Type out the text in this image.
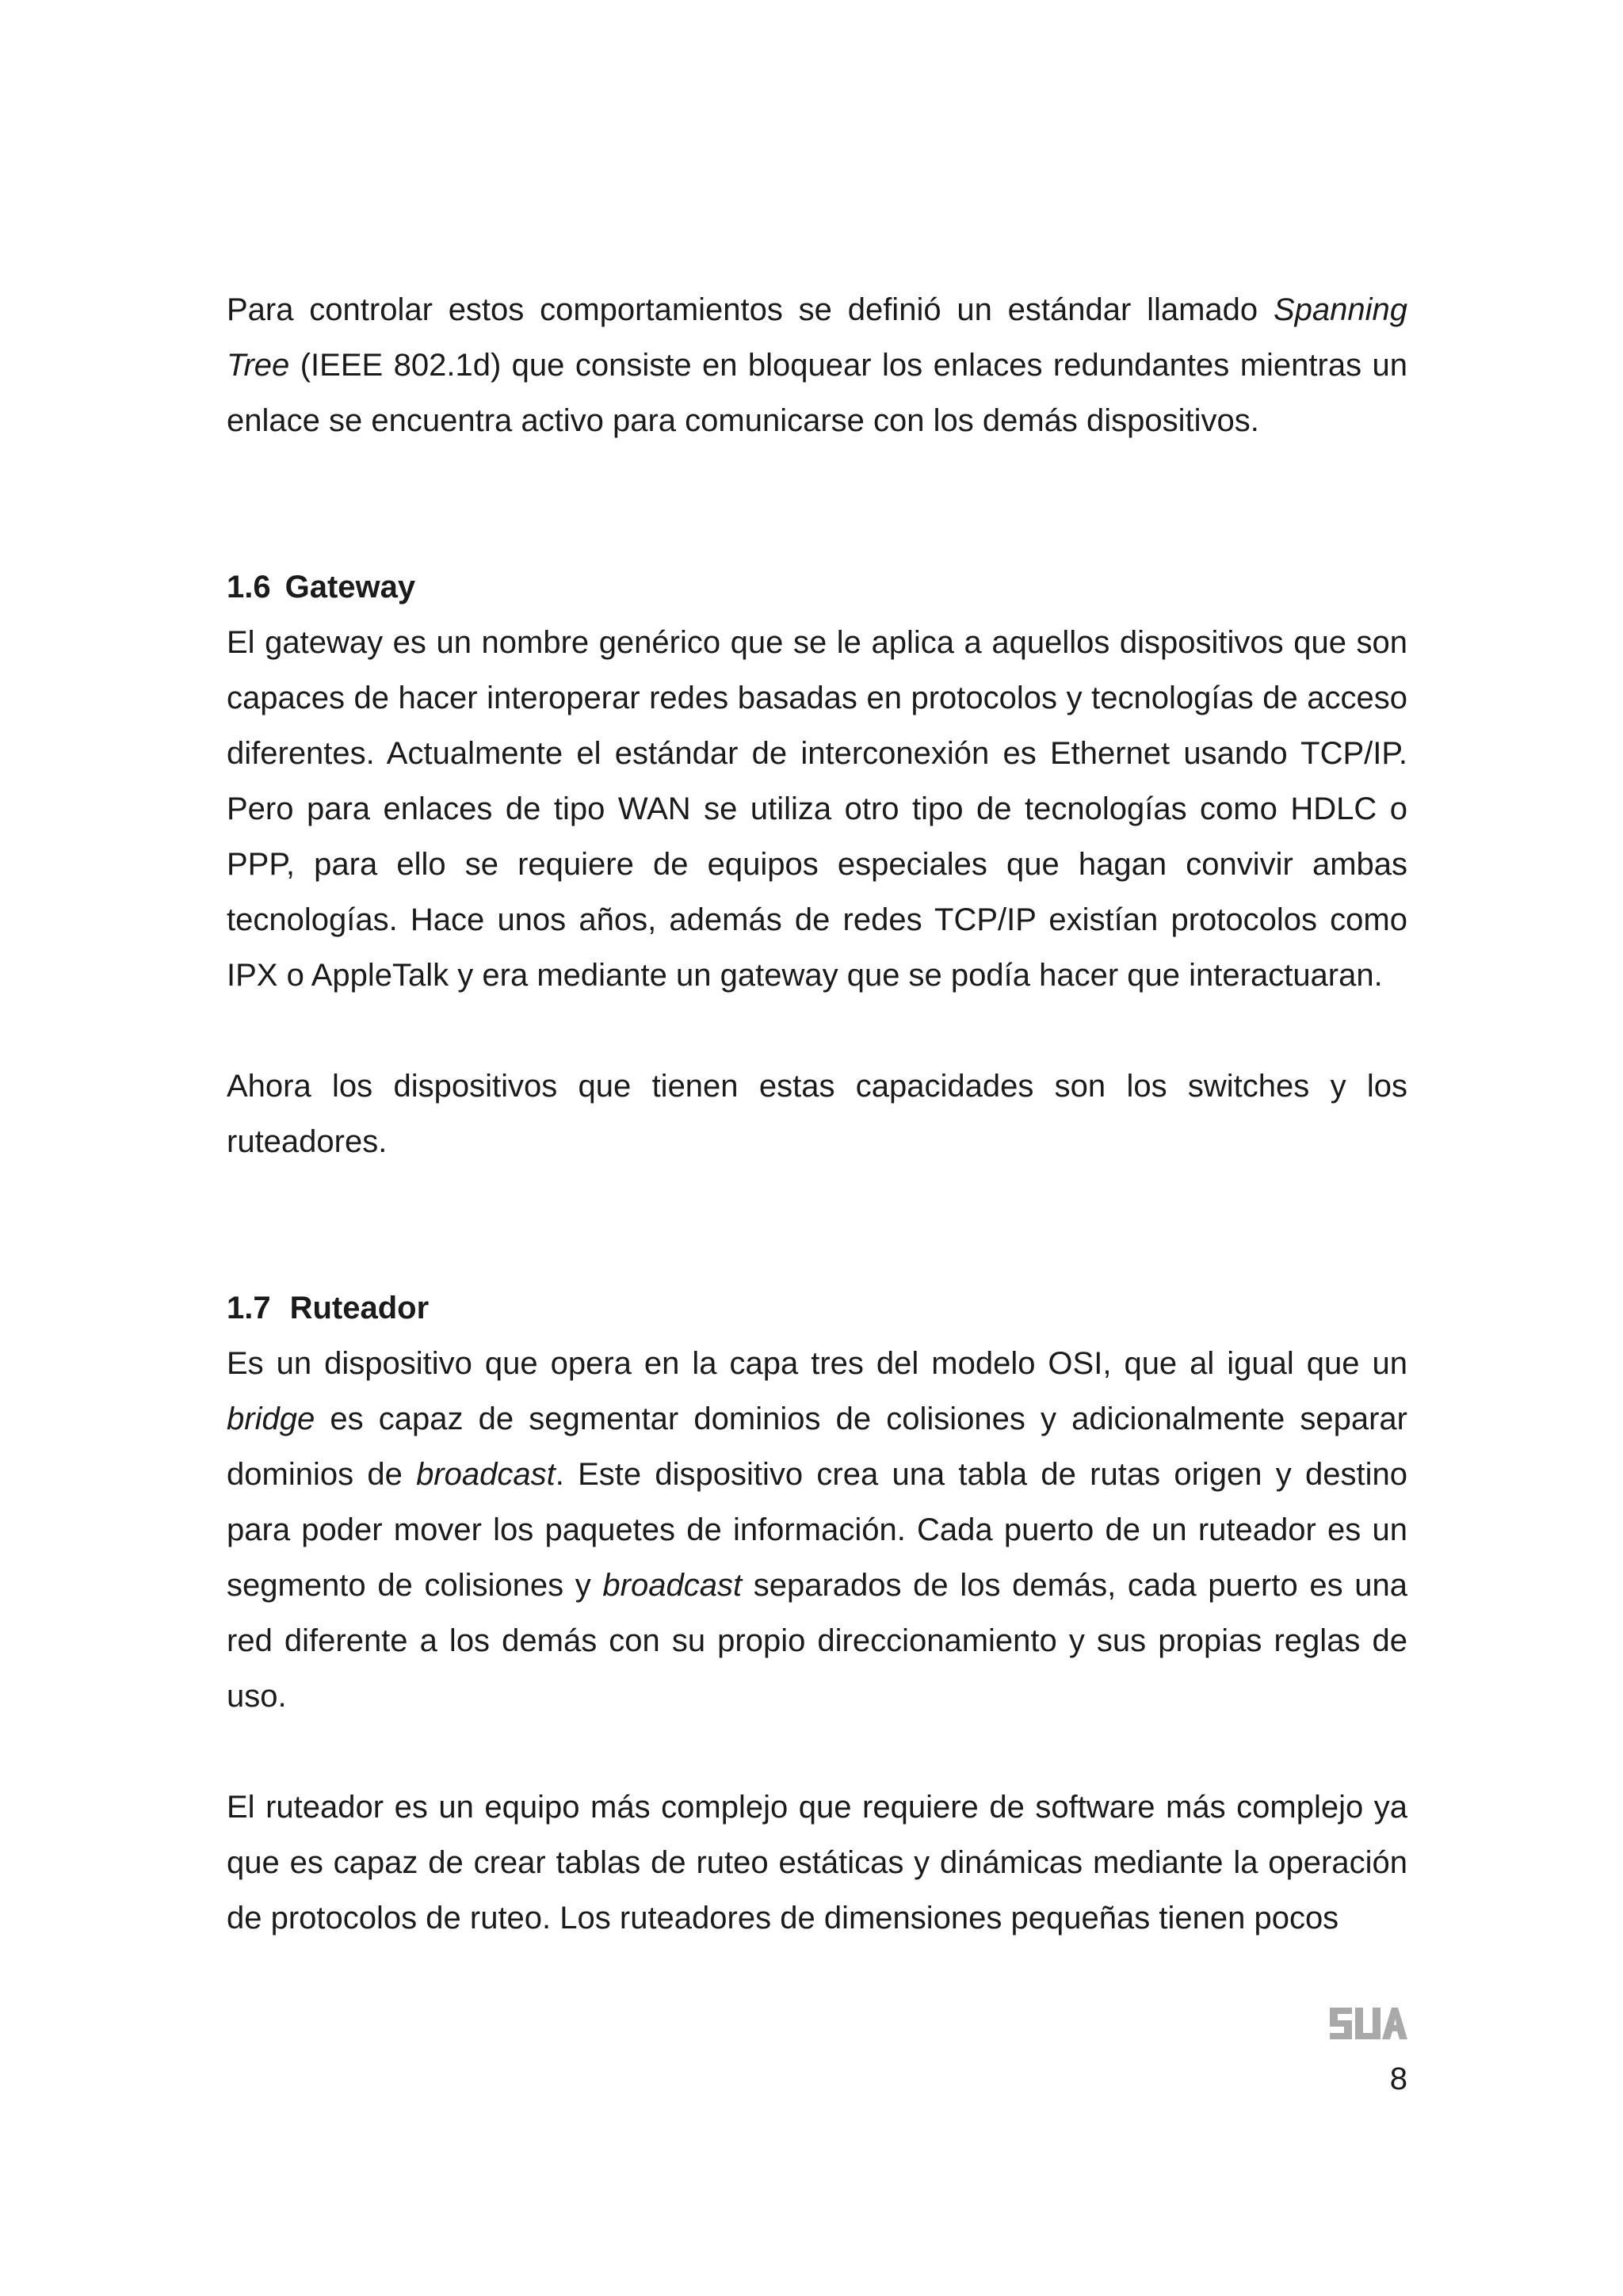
Para controlar estos comportamientos se definió un estándar llamado Spanning Tree (IEEE 802.1d) que consiste en bloquear los enlaces redundantes mientras un enlace se encuentra activo para comunicarse con los demás dispositivos.

1.6 Gateway

El gateway es un nombre genérico que se le aplica a aquellos dispositivos que son capaces de hacer interoperar redes basadas en protocolos y tecnologías de acceso diferentes. Actualmente el estándar de interconexión es Ethernet usando TCP/IP. Pero para enlaces de tipo WAN se utiliza otro tipo de tecnologías como HDLC o PPP, para ello se requiere de equipos especiales que hagan convivir ambas tecnologías. Hace unos años, además de redes TCP/IP existían protocolos como IPX o AppleTalk y era mediante un gateway que se podía hacer que interactuaran.

Ahora los dispositivos que tienen estas capacidades son los switches y los ruteadores.

1.7 Ruteador

Es un dispositivo que opera en la capa tres del modelo OSI, que al igual que un bridge es capaz de segmentar dominios de colisiones y adicionalmente separar dominios de broadcast. Este dispositivo crea una tabla de rutas origen y destino para poder mover los paquetes de información. Cada puerto de un ruteador es un segmento de colisiones y broadcast separados de los demás, cada puerto es una red diferente a los demás con su propio direccionamiento y sus propias reglas de uso.

El ruteador es un equipo más complejo que requiere de software más complejo ya que es capaz de crear tablas de ruteo estáticas y dinámicas mediante la operación de protocolos de ruteo. Los ruteadores de dimensiones pequeñas tienen pocos

8
